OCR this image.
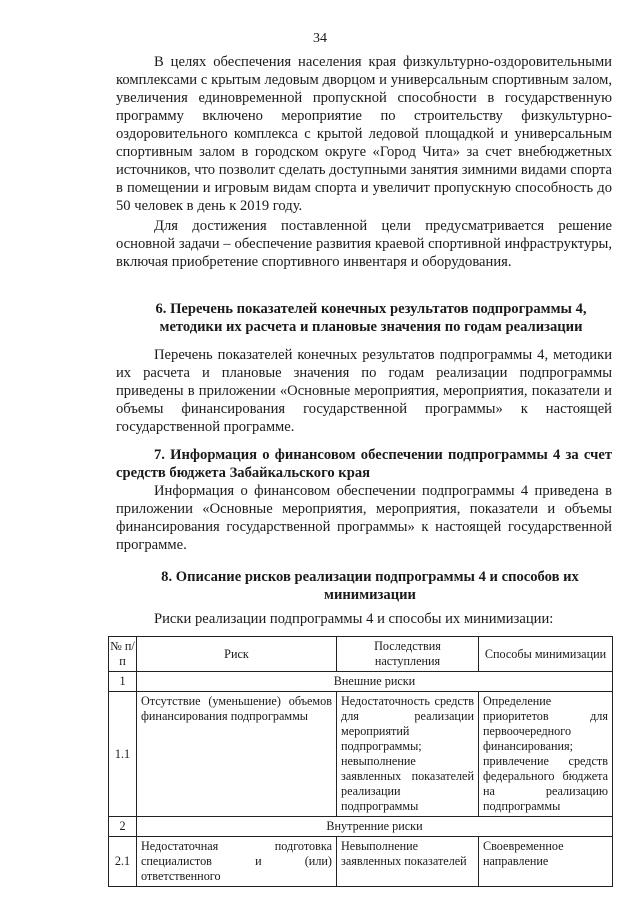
34
В целях обеспечения населения края физкультурно-оздоровительными комплексами с крытым ледовым дворцом и универсальным спортивным залом, увеличения единовременной пропускной способности в государственную программу включено мероприятие по строительству физкультурно-оздоровительного комплекса с крытой ледовой площадкой и универсальным спортивным залом в городском округе «Город Чита» за счет внебюджетных источников, что позволит сделать доступными занятия зимними видами спорта в помещении и игровым видам спорта и увеличит пропускную способность до 50 человек в день к 2019 году.
Для достижения поставленной цели предусматривается решение основной задачи – обеспечение развития краевой спортивной инфраструктуры, включая приобретение спортивного инвентаря и оборудования.
6. Перечень показателей конечных результатов подпрограммы 4, методики их расчета и плановые значения по годам реализации
Перечень показателей конечных результатов подпрограммы 4, методики их расчета и плановые значения по годам реализации подпрограммы приведены в приложении «Основные мероприятия, мероприятия, показатели и объемы финансирования государственной программы» к настоящей государственной программе.
7. Информация о финансовом обеспечении подпрограммы 4 за счет средств бюджета Забайкальского края
Информация о финансовом обеспечении подпрограммы 4 приведена в приложении «Основные мероприятия, мероприятия, показатели и объемы финансирования государственной программы» к настоящей государственной программе.
8. Описание рисков реализации подпрограммы 4 и способов их минимизации
Риски реализации подпрограммы 4 и способы их минимизации:
№ п/п	Риск	Последствия наступления	Способы минимизации
1	Внешние риски		
1.1	Отсутствие (уменьшение) объемов финансирования подпрограммы	Недостаточность средств для реализации мероприятий подпрограммы; невыполнение заявленных показателей реализации подпрограммы	Определение приоритетов для первоочередного финансирования; привлечение средств федерального бюджета на реализацию подпрограммы
2	Внутренние риски		
2.1	Недостаточная подготовка специалистов и (или) ответственного	Невыполнение заявленных показателей	Своевременное направление
